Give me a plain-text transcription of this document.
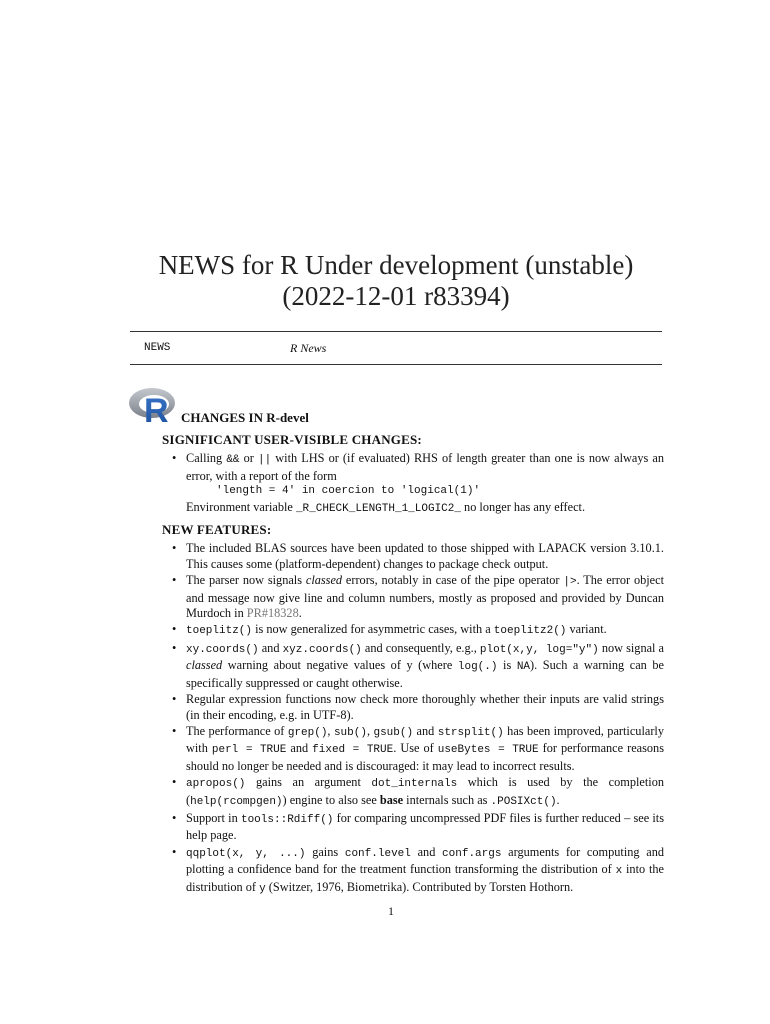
NEWS for R Under development (unstable)
(2022-12-01 r83394)
NEWS	R News
R CHANGES IN R-devel
SIGNIFICANT USER-VISIBLE CHANGES:
• Calling && or || with LHS or (if evaluated) RHS of length greater than one is now always an error, with a report of the form
'length = 4' in coercion to 'logical(1)'
Environment variable _R_CHECK_LENGTH_1_LOGIC2_ no longer has any effect.
NEW FEATURES:
• The included BLAS sources have been updated to those shipped with LAPACK version 3.10.1. This causes some (platform-dependent) changes to package check output.
• The parser now signals classed errors, notably in case of the pipe operator |>. The error object and message now give line and column numbers, mostly as proposed and provided by Duncan Murdoch in PR#18328.
• toeplitz() is now generalized for asymmetric cases, with a toeplitz2() variant.
• xy.coords() and xyz.coords() and consequently, e.g., plot(x,y, log="y") now signal a classed warning about negative values of y (where log(.) is NA). Such a warning can be specifically suppressed or caught otherwise.
• Regular expression functions now check more thoroughly whether their inputs are valid strings (in their encoding, e.g. in UTF-8).
• The performance of grep(), sub(), gsub() and strsplit() has been improved, particularly with perl = TRUE and fixed = TRUE. Use of useBytes = TRUE for performance reasons should no longer be needed and is discouraged: it may lead to incorrect results.
• apropos() gains an argument dot_internals which is used by the completion (help(rcompgen)) engine to also see base internals such as .POSIXct().
• Support in tools::Rdiff() for comparing uncompressed PDF files is further reduced – see its help page.
• qqplot(x, y, ...) gains conf.level and conf.args arguments for computing and plotting a confidence band for the treatment function transforming the distribution of x into the distribution of y (Switzer, 1976, Biometrika). Contributed by Torsten Hothorn.
1
